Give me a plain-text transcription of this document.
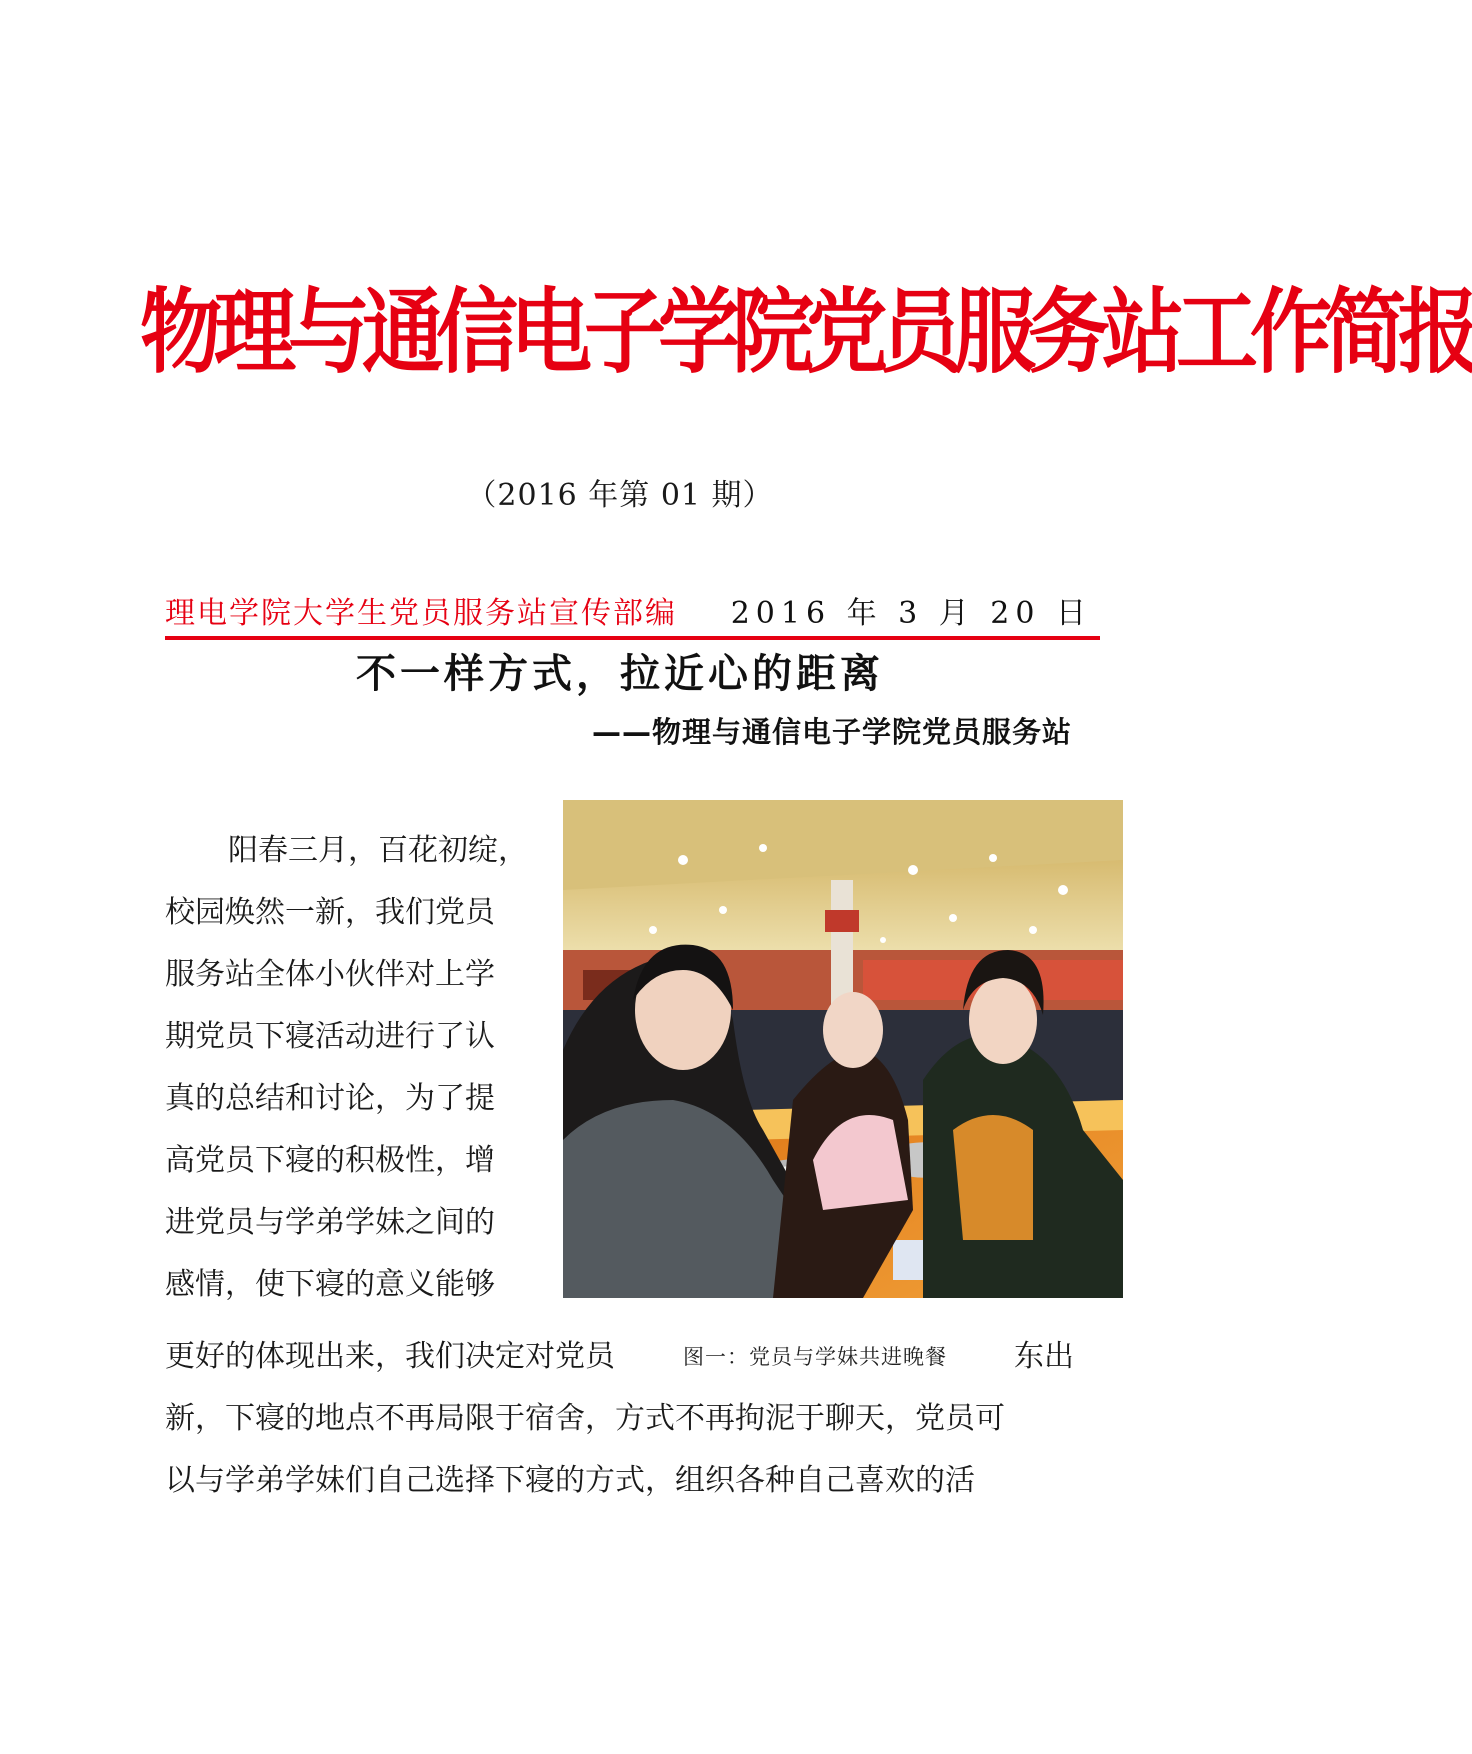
物理与通信电子学院党员服务站工作简报
（2016 年第 01 期）
理电学院大学生党员服务站宣传部编 2016 年 3 月 20 日
不一样方式，拉近心的距离
——物理与通信电子学院党员服务站
　阳春三月，百花初绽，
校园焕然一新，我们党员
服务站全体小伙伴对上学
期党员下寝活动进行了认
真的总结和讨论，为了提
高党员下寝的积极性，增
进党员与学弟学妹之间的
感情，使下寝的意义能够
更好的体现出来，我们决定对党员	东出
图一：党员与学妹共进晚餐
新，下寝的地点不再局限于宿舍，方式不再拘泥于聊天，党员可
以与学弟学妹们自己选择下寝的方式，组织各种自己喜欢的活
